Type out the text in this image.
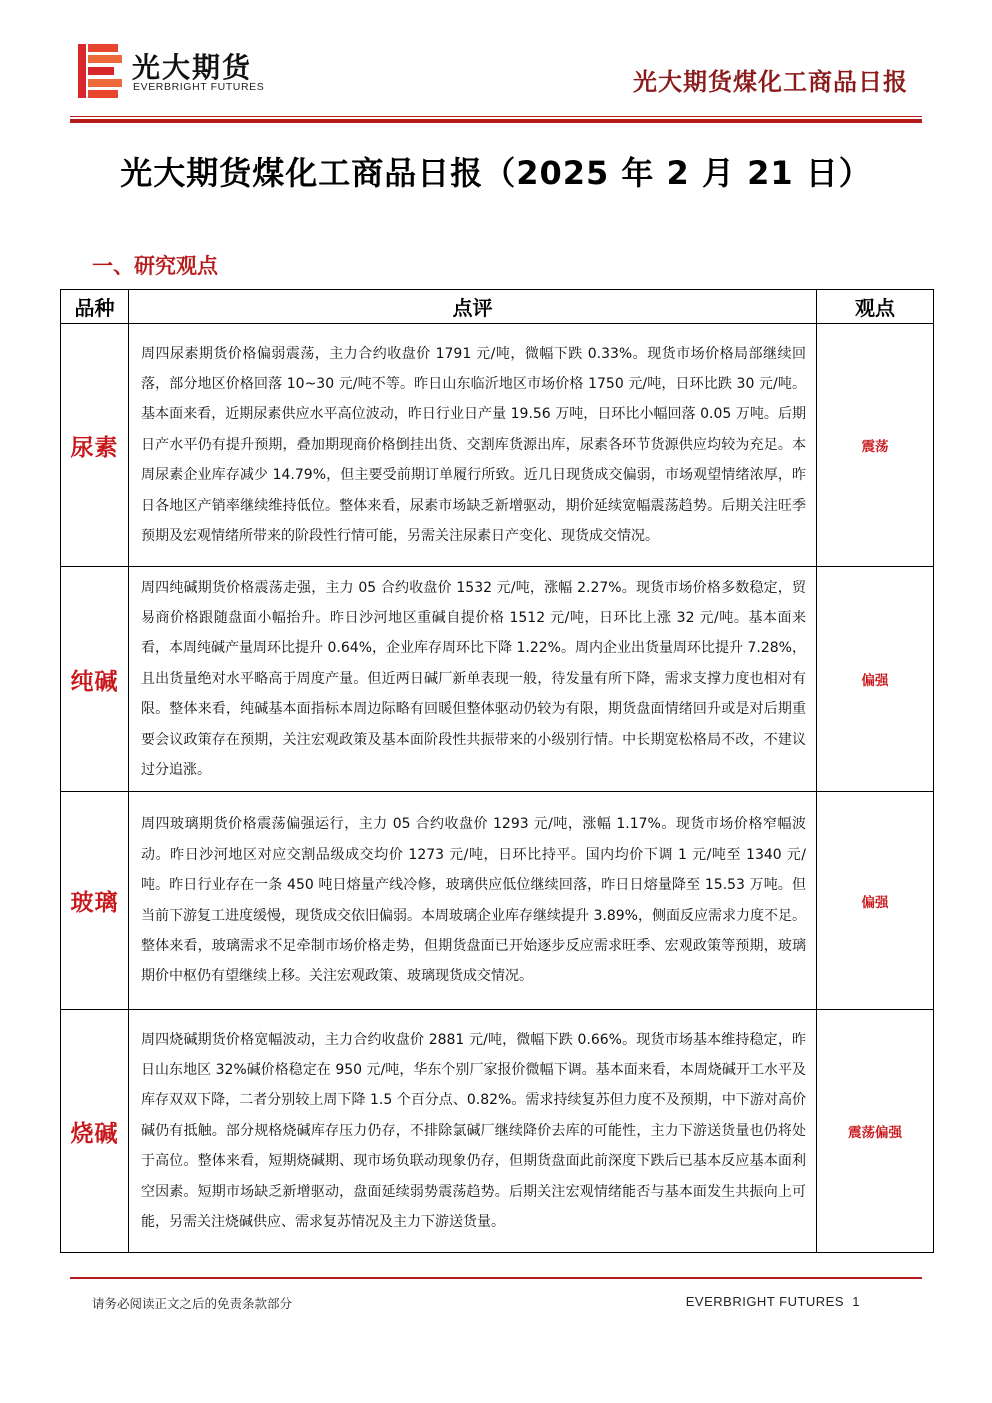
光大期货
EVERBRIGHT FUTURES	光大期货煤化工商品日报
光大期货煤化工商品日报（2025 年 2 月 21 日）
一、研究观点
品种	点评	观点
尿素	周四尿素期货价格偏弱震荡，主力合约收盘价 1791 元/吨，微幅下跌 0.33%。现货市场价格局部继续回落，部分地区价格回落 10~30 元/吨不等。昨日山东临沂地区市场价格 1750 元/吨，日环比跌 30 元/吨。基本面来看，近期尿素供应水平高位波动，昨日行业日产量 19.56 万吨，日环比小幅回落 0.05 万吨。后期日产水平仍有提升预期，叠加期现商价格倒挂出货、交割库货源出库，尿素各环节货源供应均较为充足。本周尿素企业库存减少 14.79%，但主要受前期订单履行所致。近几日现货成交偏弱，市场观望情绪浓厚，昨日各地区产销率继续维持低位。整体来看，尿素市场缺乏新增驱动，期价延续宽幅震荡趋势。后期关注旺季预期及宏观情绪所带来的阶段性行情可能，另需关注尿素日产变化、现货成交情况。	震荡
纯碱	周四纯碱期货价格震荡走强，主力 05 合约收盘价 1532 元/吨，涨幅 2.27%。现货市场价格多数稳定，贸易商价格跟随盘面小幅抬升。昨日沙河地区重碱自提价格 1512 元/吨，日环比上涨 32 元/吨。基本面来看，本周纯碱产量周环比提升 0.64%，企业库存周环比下降 1.22%。周内企业出货量周环比提升 7.28%，且出货量绝对水平略高于周度产量。但近两日碱厂新单表现一般，待发量有所下降，需求支撑力度也相对有限。整体来看，纯碱基本面指标本周边际略有回暖但整体驱动仍较为有限，期货盘面情绪回升或是对后期重要会议政策存在预期，关注宏观政策及基本面阶段性共振带来的小级别行情。中长期宽松格局不改，不建议过分追涨。	偏强
玻璃	周四玻璃期货价格震荡偏强运行，主力 05 合约收盘价 1293 元/吨，涨幅 1.17%。现货市场价格窄幅波动。昨日沙河地区对应交割品级成交均价 1273 元/吨，日环比持平。国内均价下调 1 元/吨至 1340 元/吨。昨日行业存在一条 450 吨日熔量产线冷修，玻璃供应低位继续回落，昨日日熔量降至 15.53 万吨。但当前下游复工进度缓慢，现货成交依旧偏弱。本周玻璃企业库存继续提升 3.89%，侧面反应需求力度不足。整体来看，玻璃需求不足牵制市场价格走势，但期货盘面已开始逐步反应需求旺季、宏观政策等预期，玻璃期价中枢仍有望继续上移。关注宏观政策、玻璃现货成交情况。	偏强
烧碱	周四烧碱期货价格宽幅波动，主力合约收盘价 2881 元/吨，微幅下跌 0.66%。现货市场基本维持稳定，昨日山东地区 32%碱价格稳定在 950 元/吨，华东个别厂家报价微幅下调。基本面来看，本周烧碱开工水平及库存双双下降，二者分别较上周下降 1.5 个百分点、0.82%。需求持续复苏但力度不及预期，中下游对高价碱仍有抵触。部分规格烧碱库存压力仍存，不排除氯碱厂继续降价去库的可能性，主力下游送货量也仍将处于高位。整体来看，短期烧碱期、现市场负联动现象仍存，但期货盘面此前深度下跌后已基本反应基本面利空因素。短期市场缺乏新增驱动，盘面延续弱势震荡趋势。后期关注宏观情绪能否与基本面发生共振向上可能，另需关注烧碱供应、需求复苏情况及主力下游送货量。	震荡偏强
请务必阅读正文之后的免责条款部分	EVERBRIGHT FUTURES 1
